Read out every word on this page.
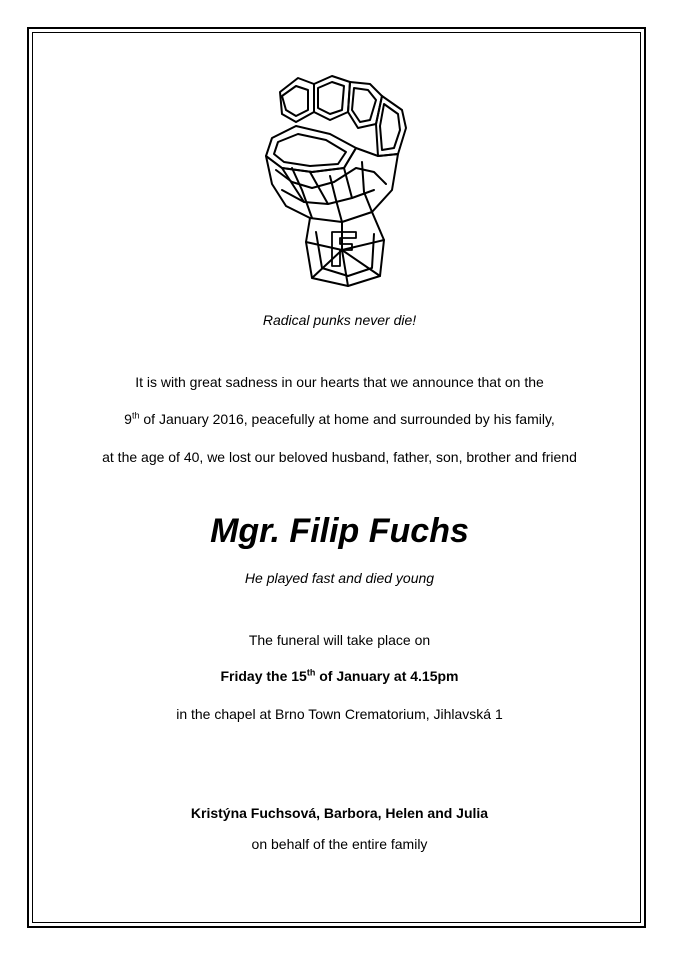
F
Radical punks never die!
It is with great sadness in our hearts that we announce that on the
9th of January 2016, peacefully at home and surrounded by his family,
at the age of 40, we lost our beloved husband, father, son, brother and friend
Mgr. Filip Fuchs
He played fast and died young
The funeral will take place on
Friday the 15th of January at 4.15pm
in the chapel at Brno Town Crematorium, Jihlavská 1
Kristýna Fuchsová, Barbora, Helen and Julia
on behalf of the entire family
